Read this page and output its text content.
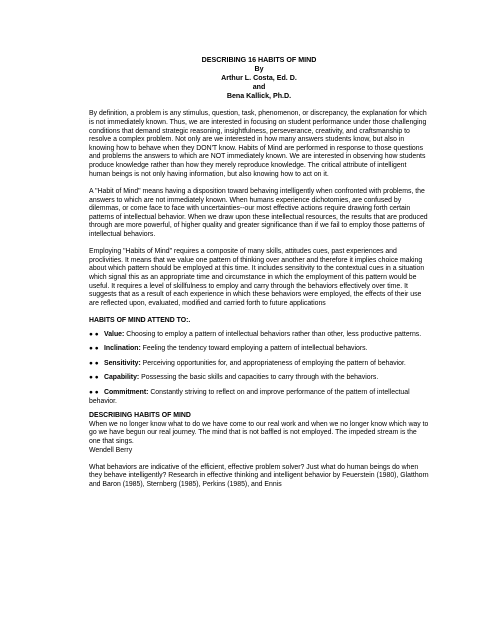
DESCRIBING 16 HABITS OF MIND
By
Arthur L. Costa, Ed. D.
and
Bena Kallick, Ph.D.

By definition, a problem is any stimulus, question, task, phenomenon, or discrepancy, the explanation for which is not immediately known. Thus, we are interested in focusing on student performance under those challenging conditions that demand strategic reasoning, insightfulness, perseverance, creativity, and craftsmanship to resolve a complex problem. Not only are we interested in how many answers students know, but also in knowing how to behave when they DON'T know. Habits of Mind are performed in response to those questions and problems the answers to which are NOT immediately known. We are interested in observing how students produce knowledge rather than how they merely reproduce knowledge. The critical attribute of intelligent human beings is not only having information, but also knowing how to act on it.

A "Habit of Mind" means having a disposition toward behaving intelligently when confronted with problems, the answers to which are not immediately known. When humans experience dichotomies, are confused by dilemmas, or come face to face with uncertainties--our most effective actions require drawing forth certain patterns of intellectual behavior. When we draw upon these intellectual resources, the results that are produced through are more powerful, of higher quality and greater significance than if we fail to employ those patterns of intellectual behaviors.

Employing "Habits of Mind" requires a composite of many skills, attitudes cues, past experiences and proclivities. It means that we value one pattern of thinking over another and therefore it implies choice making about which pattern should be employed at this time. It includes sensitivity to the contextual cues in a situation which signal this as an appropriate time and circumstance in which the employment of this pattern would be useful. It requires a level of skillfulness to employ and carry through the behaviors effectively over time. It suggests that as a result of each experience in which these behaviors were employed, the effects of their use are reflected upon, evaluated, modified and carried forth to future applications

HABITS OF MIND ATTEND TO:.
● ● Value: Choosing to employ a pattern of intellectual behaviors rather than other, less productive patterns.
● ● Inclination: Feeling the tendency toward employing a pattern of intellectual behaviors.
● ● Sensitivity: Perceiving opportunities for, and appropriateness of employing the pattern of behavior.
● ● Capability: Possessing the basic skills and capacities to carry through with the behaviors.
● ● Commitment: Constantly striving to reflect on and improve performance of the pattern of intellectual behavior.
DESCRIBING HABITS OF MIND

When we no longer know what to do we have come to our real work and when we no longer know which way to go we have begun our real journey. The mind that is not baffled is not employed. The impeded stream is the one that sings.
Wendell Berry

What behaviors are indicative of the efficient, effective problem solver? Just what do human beings do when they behave intelligently? Research in effective thinking and intelligent behavior by Feuerstein (1980), Glatthorn and Baron (1985), Sternberg (1985), Perkins (1985), and Ennis
